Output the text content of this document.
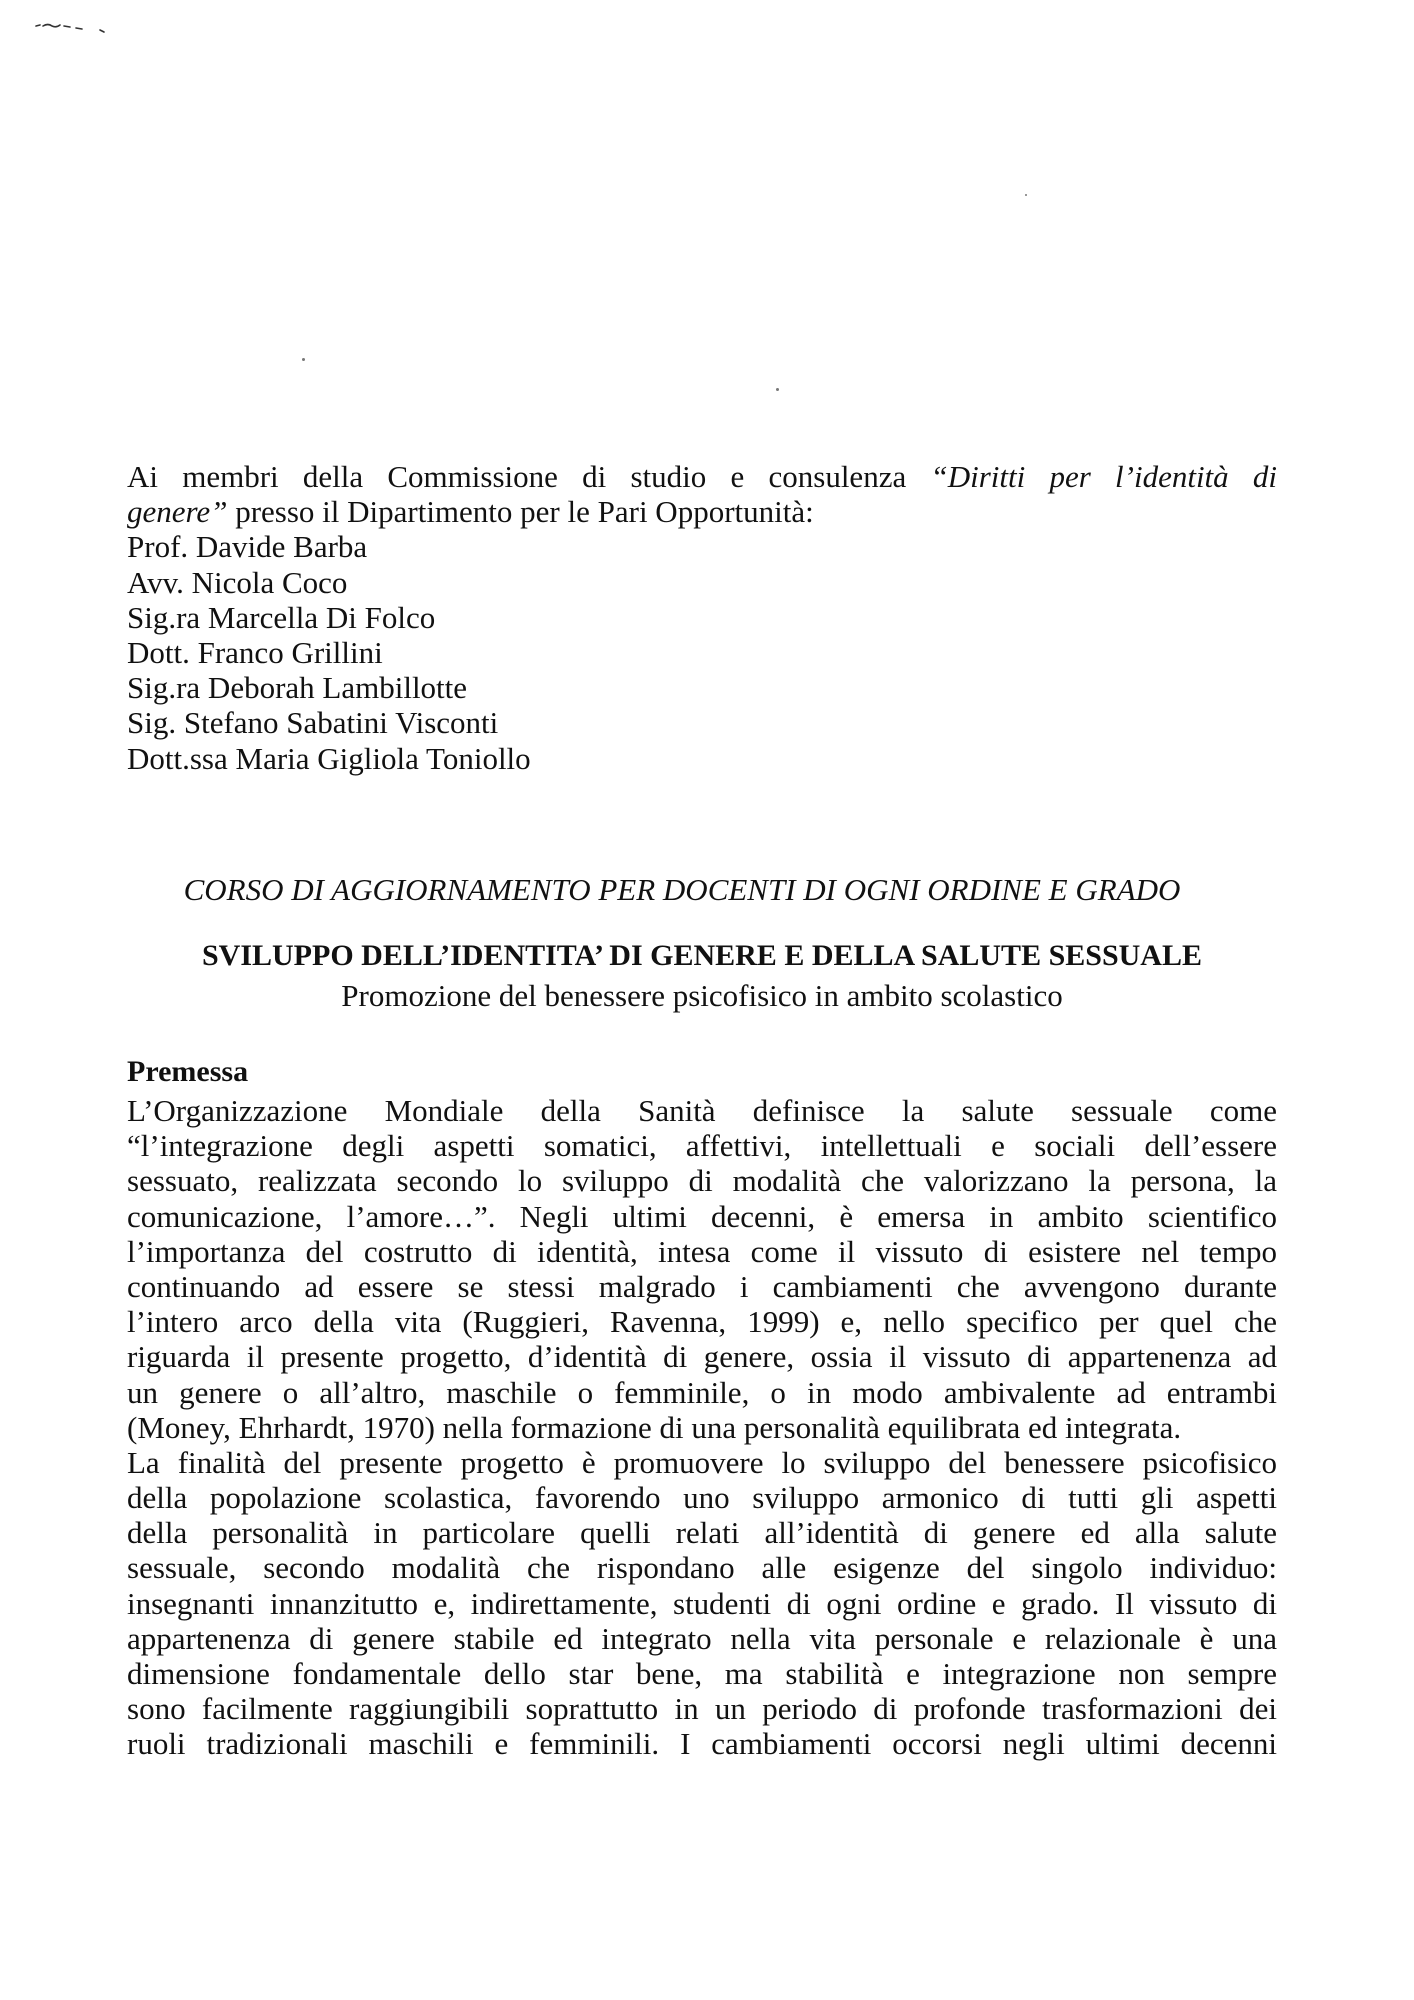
Ai membri della Commissione di studio e consulenza “Diritti per l’identità di

genere” presso il Dipartimento per le Pari Opportunità:

Prof. Davide Barba

Avv. Nicola Coco

Sig.ra Marcella Di Folco

Dott. Franco Grillini

Sig.ra Deborah Lambillotte

Sig. Stefano Sabatini Visconti

Dott.ssa Maria Gigliola Toniollo

CORSO DI AGGIORNAMENTO PER DOCENTI DI OGNI ORDINE E GRADO
SVILUPPO DELL’IDENTITA’ DI GENERE E DELLA SALUTE SESSUALE
Promozione del benessere psicofisico in ambito scolastico
Premessa
L’Organizzazione Mondiale della Sanità definisce la salute sessuale come
“l’integrazione degli aspetti somatici, affettivi, intellettuali e sociali dell’essere
sessuato, realizzata secondo lo sviluppo di modalità che valorizzano la persona, la
comunicazione, l’amore…”. Negli ultimi decenni, è emersa in ambito scientifico
l’importanza del costrutto di identità, intesa come il vissuto di esistere nel tempo
continuando ad essere se stessi malgrado i cambiamenti che avvengono durante
l’intero arco della vita (Ruggieri, Ravenna, 1999) e, nello specifico per quel che
riguarda il presente progetto, d’identità di genere, ossia il vissuto di appartenenza ad
un genere o all’altro, maschile o femminile, o in modo ambivalente ad entrambi
(Money, Ehrhardt, 1970) nella formazione di una personalità equilibrata ed integrata.
La finalità del presente progetto è promuovere lo sviluppo del benessere psicofisico
della popolazione scolastica, favorendo uno sviluppo armonico di tutti gli aspetti
della personalità in particolare quelli relati all’identità di genere ed alla salute
sessuale, secondo modalità che rispondano alle esigenze del singolo individuo:
insegnanti innanzitutto e, indirettamente, studenti di ogni ordine e grado. Il vissuto di
appartenenza di genere stabile ed integrato nella vita personale e relazionale è una
dimensione fondamentale dello star bene, ma stabilità e integrazione non sempre
sono facilmente raggiungibili soprattutto in un periodo di profonde trasformazioni dei
ruoli tradizionali maschili e femminili. I cambiamenti occorsi negli ultimi decenni
